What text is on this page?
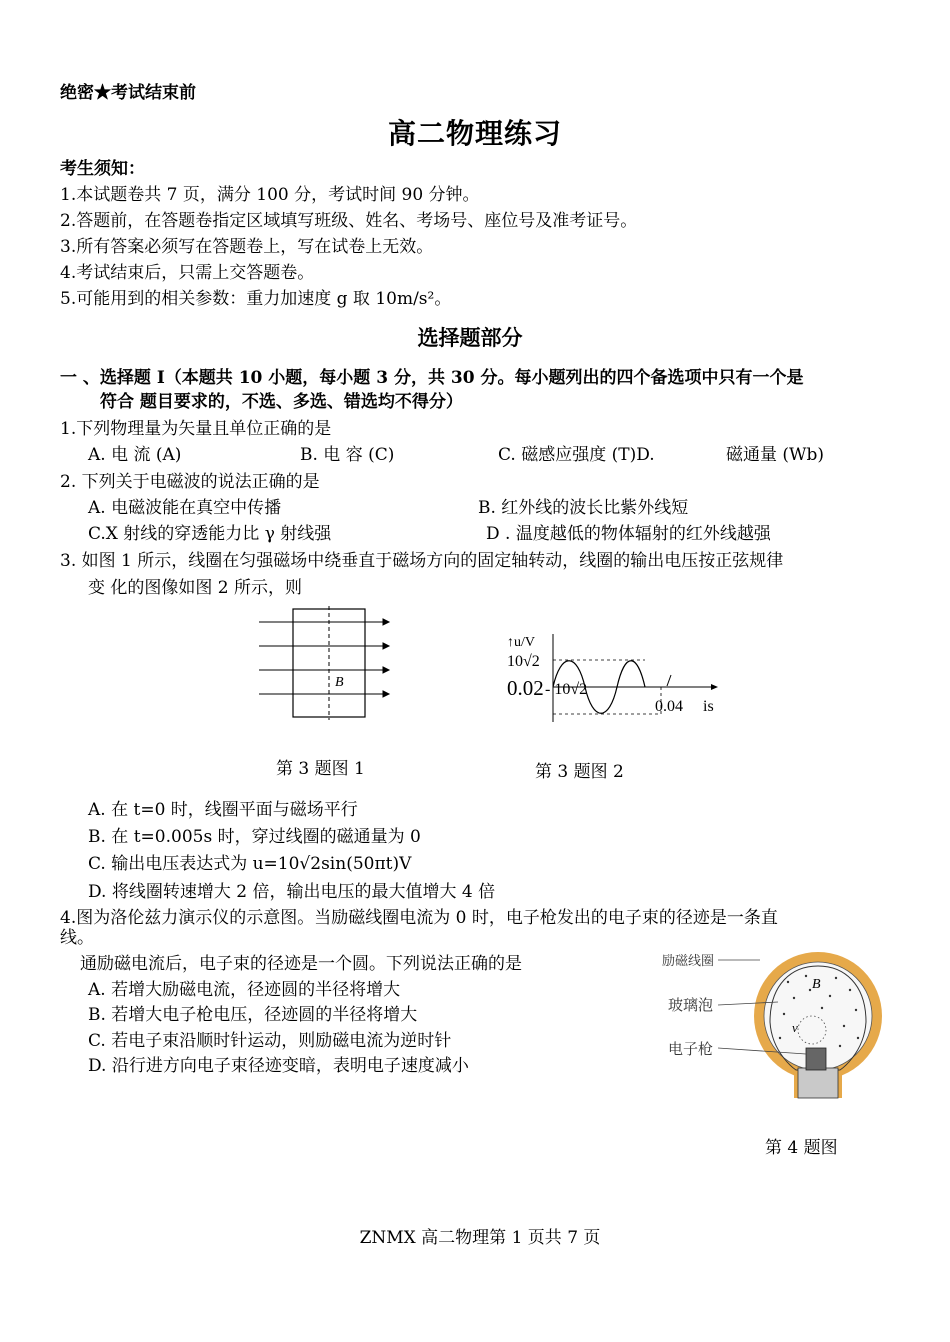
绝密★考试结束前
高二物理练习
考生须知：
1.本试题卷共 7 页，满分 100 分，考试时间 90 分钟。
2.答题前，在答题卷指定区域填写班级、姓名、考场号、座位号及准考证号。
3.所有答案必须写在答题卷上，写在试卷上无效。
4.考试结束后，只需上交答题卷。
5.可能用到的相关参数：重力加速度 g 取 10m/s²。
选择题部分
一 、选择题 I（本题共 10 小题，每小题 3 分，共 30 分。每小题列出的四个备选项中只有一个是
符合 题目要求的，不选、多选、错选均不得分）
1.下列物理量为矢量且单位正确的是
A. 电 流 (A)	B. 电 容 (C)	C. 磁感应强度 (T)D.	磁通量 (Wb)
2. 下列关于电磁波的说法正确的是
A. 电磁波能在真空中传播	B. 红外线的波长比紫外线短
C.X 射线的穿透能力比 γ 射线强	D . 温度越低的物体辐射的红外线越强
3. 如图 1 所示，线圈在匀强磁场中绕垂直于磁场方向的固定轴转动，线圈的输出电压按正弦规律
变 化的图像如图 2 所示，则
B
第 3 题图 1
↑u/V
10√2
0.02 - 10√2
0.04 is
第 3 题图 2
A. 在 t=0 时，线圈平面与磁场平行
B. 在 t=0.005s 时，穿过线圈的磁通量为 0
C. 输出电压表达式为 u=10√2sin(50πt)V
D. 将线圈转速增大 2 倍，输出电压的最大值增大 4 倍
4.图为洛伦兹力演示仪的示意图。当励磁线圈电流为 0 时，电子枪发出的电子束的径迹是一条直
线。
通励磁电流后，电子束的径迹是一个圆。下列说法正确的是
A. 若增大励磁电流，径迹圆的半径将增大
B. 若增大电子枪电压，径迹圆的半径将增大
C. 若电子束沿顺时针运动，则励磁电流为逆时针
D. 沿行进方向电子束径迹变暗，表明电子速度减小
励磁线圈
玻璃泡
电子枪
B
v
第 4 题图
ZNMX 高二物理第 1 页共 7 页
